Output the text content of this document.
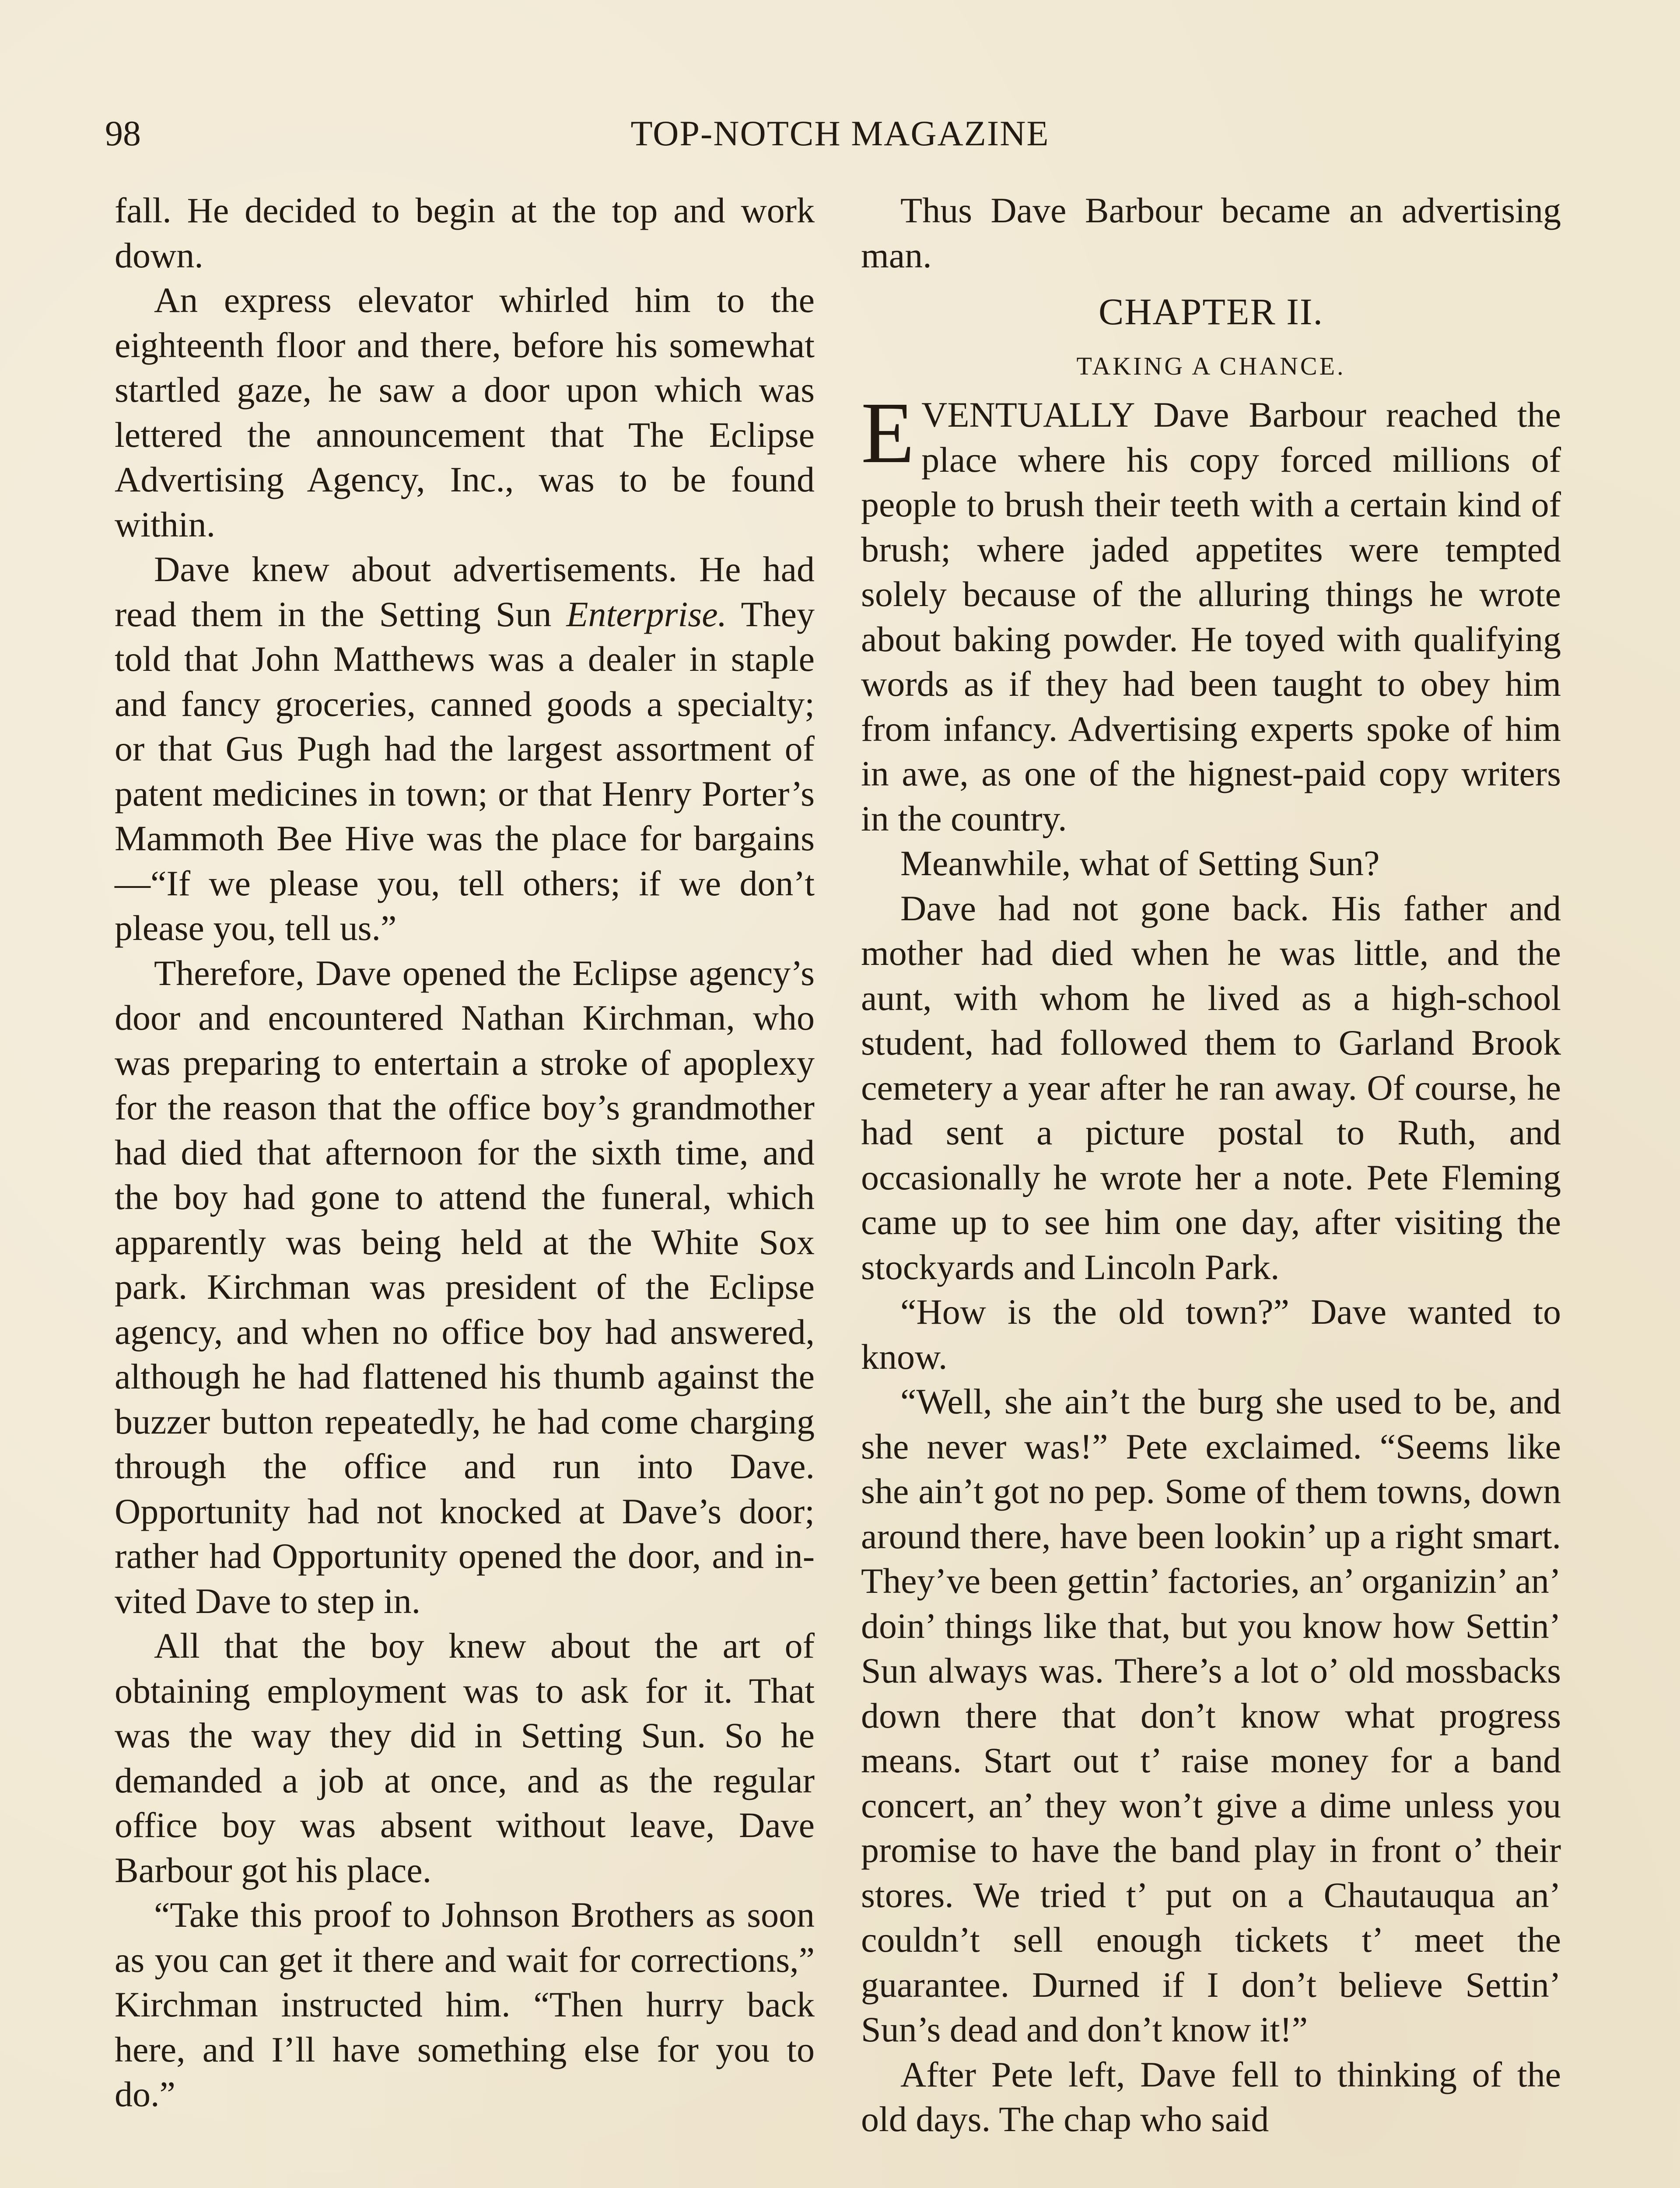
98	TOP-NOTCH MAGAZINE

fall. He decided to begin at the top and work down.

An express elevator whirled him to the eighteenth floor and there, before his somewhat startled gaze, he saw a door upon which was lettered the announcement that The Eclipse Advertising Agency, Inc., was to be found within.

Dave knew about advertisements. He had read them in the Setting Sun Enterprise. They told that John Matthews was a dealer in staple and fancy groceries, canned goods a specialty; or that Gus Pugh had the largest assortment of patent medicines in town; or that Henry Porter’s Mammoth Bee Hive was the place for bargains—“If we please you, tell others; if we don’t please you, tell us.”

Therefore, Dave opened the Eclipse agency’s door and encountered Nathan Kirchman, who was preparing to entertain a stroke of apoplexy for the reason that the office boy’s grandmother had died that afternoon for the sixth time, and the boy had gone to attend the funeral, which apparently was being held at the White Sox park. Kirchman was president of the Eclipse agency, and when no office boy had answered, although he had flattened his thumb against the buzzer button repeatedly, he had come charging through the office and run into Dave. Opportunity had not knocked at Dave’s door; rather had Opportunity opened the door, and invited Dave to step in.

All that the boy knew about the art of obtaining employment was to ask for it. That was the way they did in Setting Sun. So he demanded a job at once, and as the regular office boy was absent without leave, Dave Barbour got his place.

“Take this proof to Johnson Brothers as soon as you can get it there and wait for corrections,” Kirchman instructed him. “Then hurry back here, and I’ll have something else for you to do.”

Thus Dave Barbour became an advertising man.

CHAPTER II.
TAKING A CHANCE.

EVENTUALLY Dave Barbour reached the place where his copy forced millions of people to brush their teeth with a certain kind of brush; where jaded appetites were tempted solely because of the alluring things he wrote about baking powder. He toyed with qualifying words as if they had been taught to obey him from infancy. Advertising experts spoke of him in awe, as one of the hignest-paid copy writers in the country.

Meanwhile, what of Setting Sun?

Dave had not gone back. His father and mother had died when he was little, and the aunt, with whom he lived as a high-school student, had followed them to Garland Brook cemetery a year after he ran away. Of course, he had sent a picture postal to Ruth, and occasionally he wrote her a note. Pete Fleming came up to see him one day, after visiting the stockyards and Lincoln Park.

“How is the old town?” Dave wanted to know.

“Well, she ain’t the burg she used to be, and she never was!” Pete exclaimed. “Seems like she ain’t got no pep. Some of them towns, down around there, have been lookin’ up a right smart. They’ve been gettin’ factories, an’ organizin’ an’ doin’ things like that, but you know how Settin’ Sun always was. There’s a lot o’ old mossbacks down there that don’t know what progress means. Start out t’ raise money for a band concert, an’ they won’t give a dime unless you promise to have the band play in front o’ their stores. We tried t’ put on a Chautauqua an’ couldn’t sell enough tickets t’ meet the guarantee. Durned if I don’t believe Settin’ Sun’s dead and don’t know it!”

After Pete left, Dave fell to thinking of the old days. The chap who said
